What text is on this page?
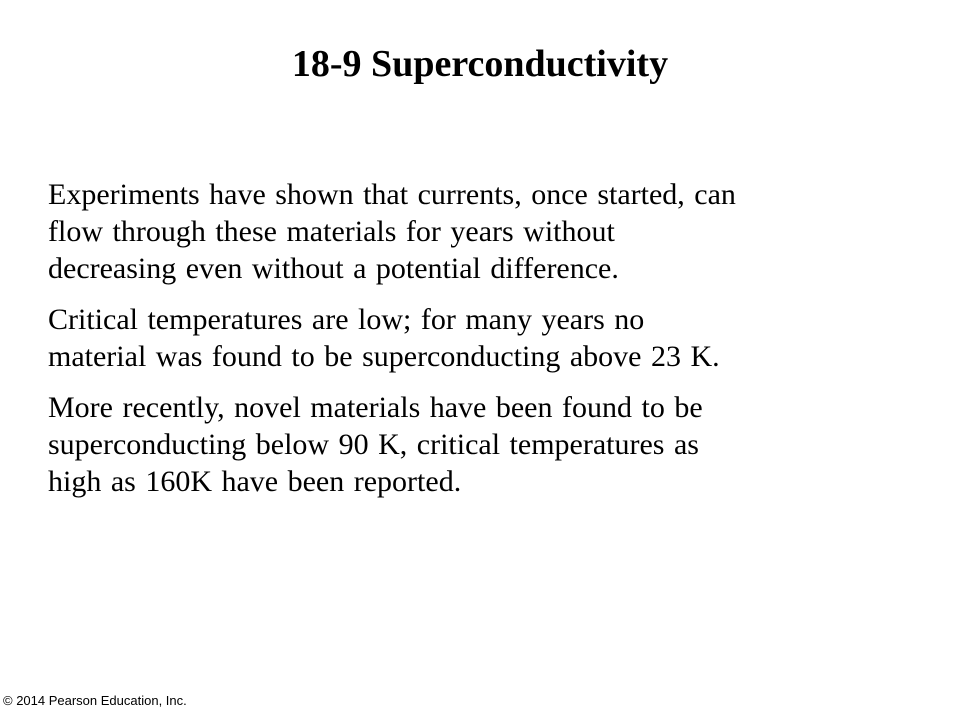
18-9 Superconductivity

Experiments have shown that currents, once started, can
flow through these materials for years without
decreasing even without a potential difference.

Critical temperatures are low; for many years no
material was found to be superconducting above 23 K.

More recently, novel materials have been found to be
superconducting below 90 K, critical temperatures as
high as 160K have been reported.

© 2014 Pearson Education, Inc.
